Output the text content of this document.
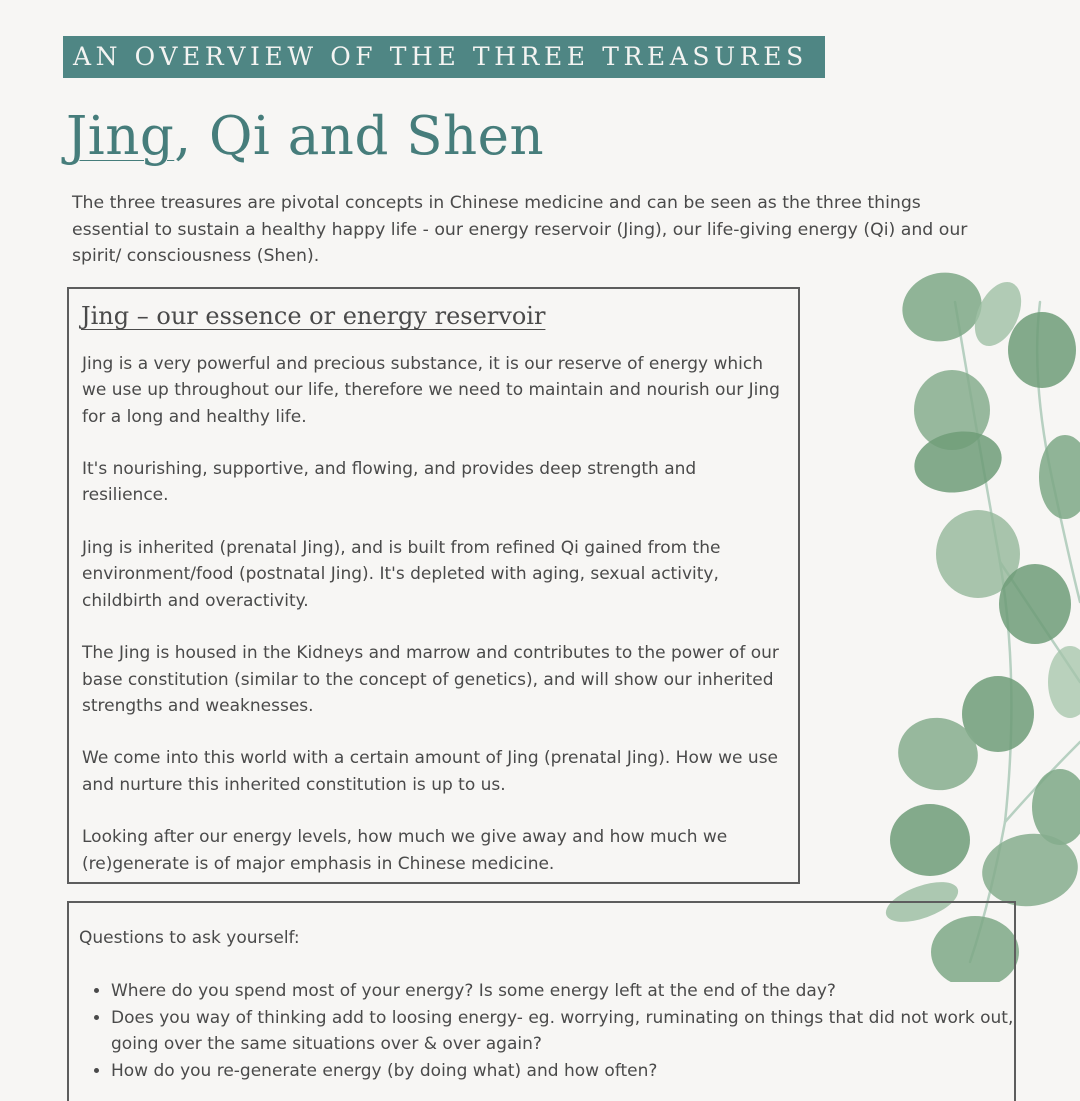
AN OVERVIEW OF THE THREE TREASURES
Jing, Qi and Shen

The three treasures are pivotal concepts in Chinese medicine and can be seen as the three things essential to sustain a healthy happy life - our energy reservoir (Jing), our life-giving energy (Qi) and our spirit/ consciousness (Shen).

Jing – our essence or energy reservoir

Jing is a very powerful and precious substance, it is our reserve of energy which we use up throughout our life, therefore we need to maintain and nourish our Jing for a long and healthy life.

It's nourishing, supportive, and flowing, and provides deep strength and resilience.

Jing is inherited (prenatal Jing), and is built from refined Qi gained from the environment/food (postnatal Jing). It's depleted with aging, sexual activity, childbirth and overactivity.

The Jing is housed in the Kidneys and marrow and contributes to the power of our base constitution (similar to the concept of genetics), and will show our inherited strengths and weaknesses.

We come into this world with a certain amount of Jing (prenatal Jing). How we use and nurture this inherited constitution is up to us.

Looking after our energy levels, how much we give away and how much we (re)generate is of major emphasis in Chinese medicine.

Questions to ask yourself:

• Where do you spend most of your energy? Is some energy left at the end of the day?
• Does you way of thinking add to loosing energy- eg. worrying, ruminating on things that did not work out, going over the same situations over & over again?
• How do you re-generate energy (by doing what) and how often?
